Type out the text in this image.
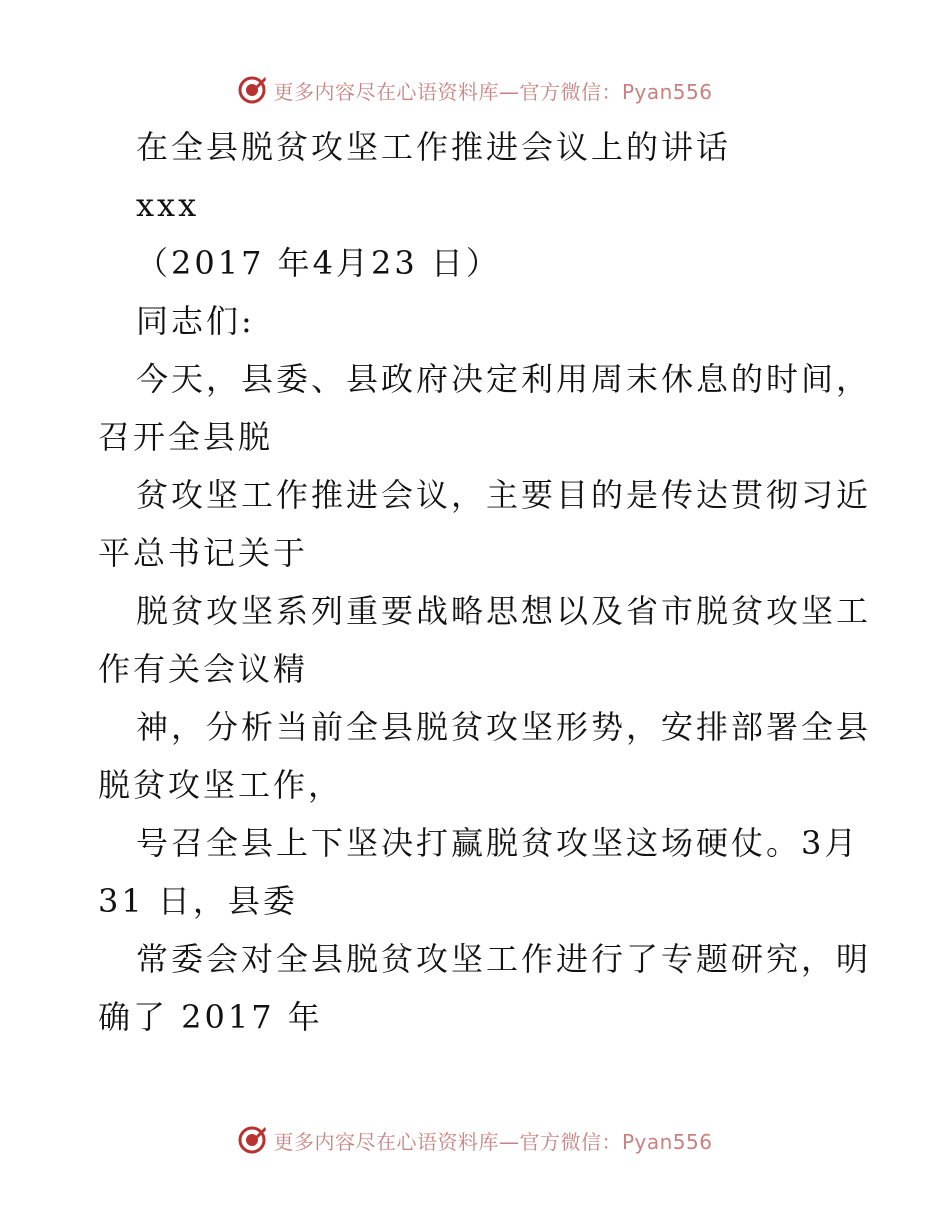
更多内容尽在心语资料库—官方微信：Pyan556
在全县脱贫攻坚工作推进会议上的讲话
xxx
（2017 年4月23 日）
同志们:
今天，县委、县政府决定利用周末休息的时间，
召开全县脱
贫攻坚工作推进会议，主要目的是传达贯彻习近
平总书记关于
脱贫攻坚系列重要战略思想以及省市脱贫攻坚工
作有关会议精
神，分析当前全县脱贫攻坚形势，安排部署全县
脱贫攻坚工作，
号召全县上下坚决打赢脱贫攻坚这场硬仗。3月
31 日，县委
常委会对全县脱贫攻坚工作进行了专题研究，明
确了 2017 年
更多内容尽在心语资料库—官方微信：Pyan556
